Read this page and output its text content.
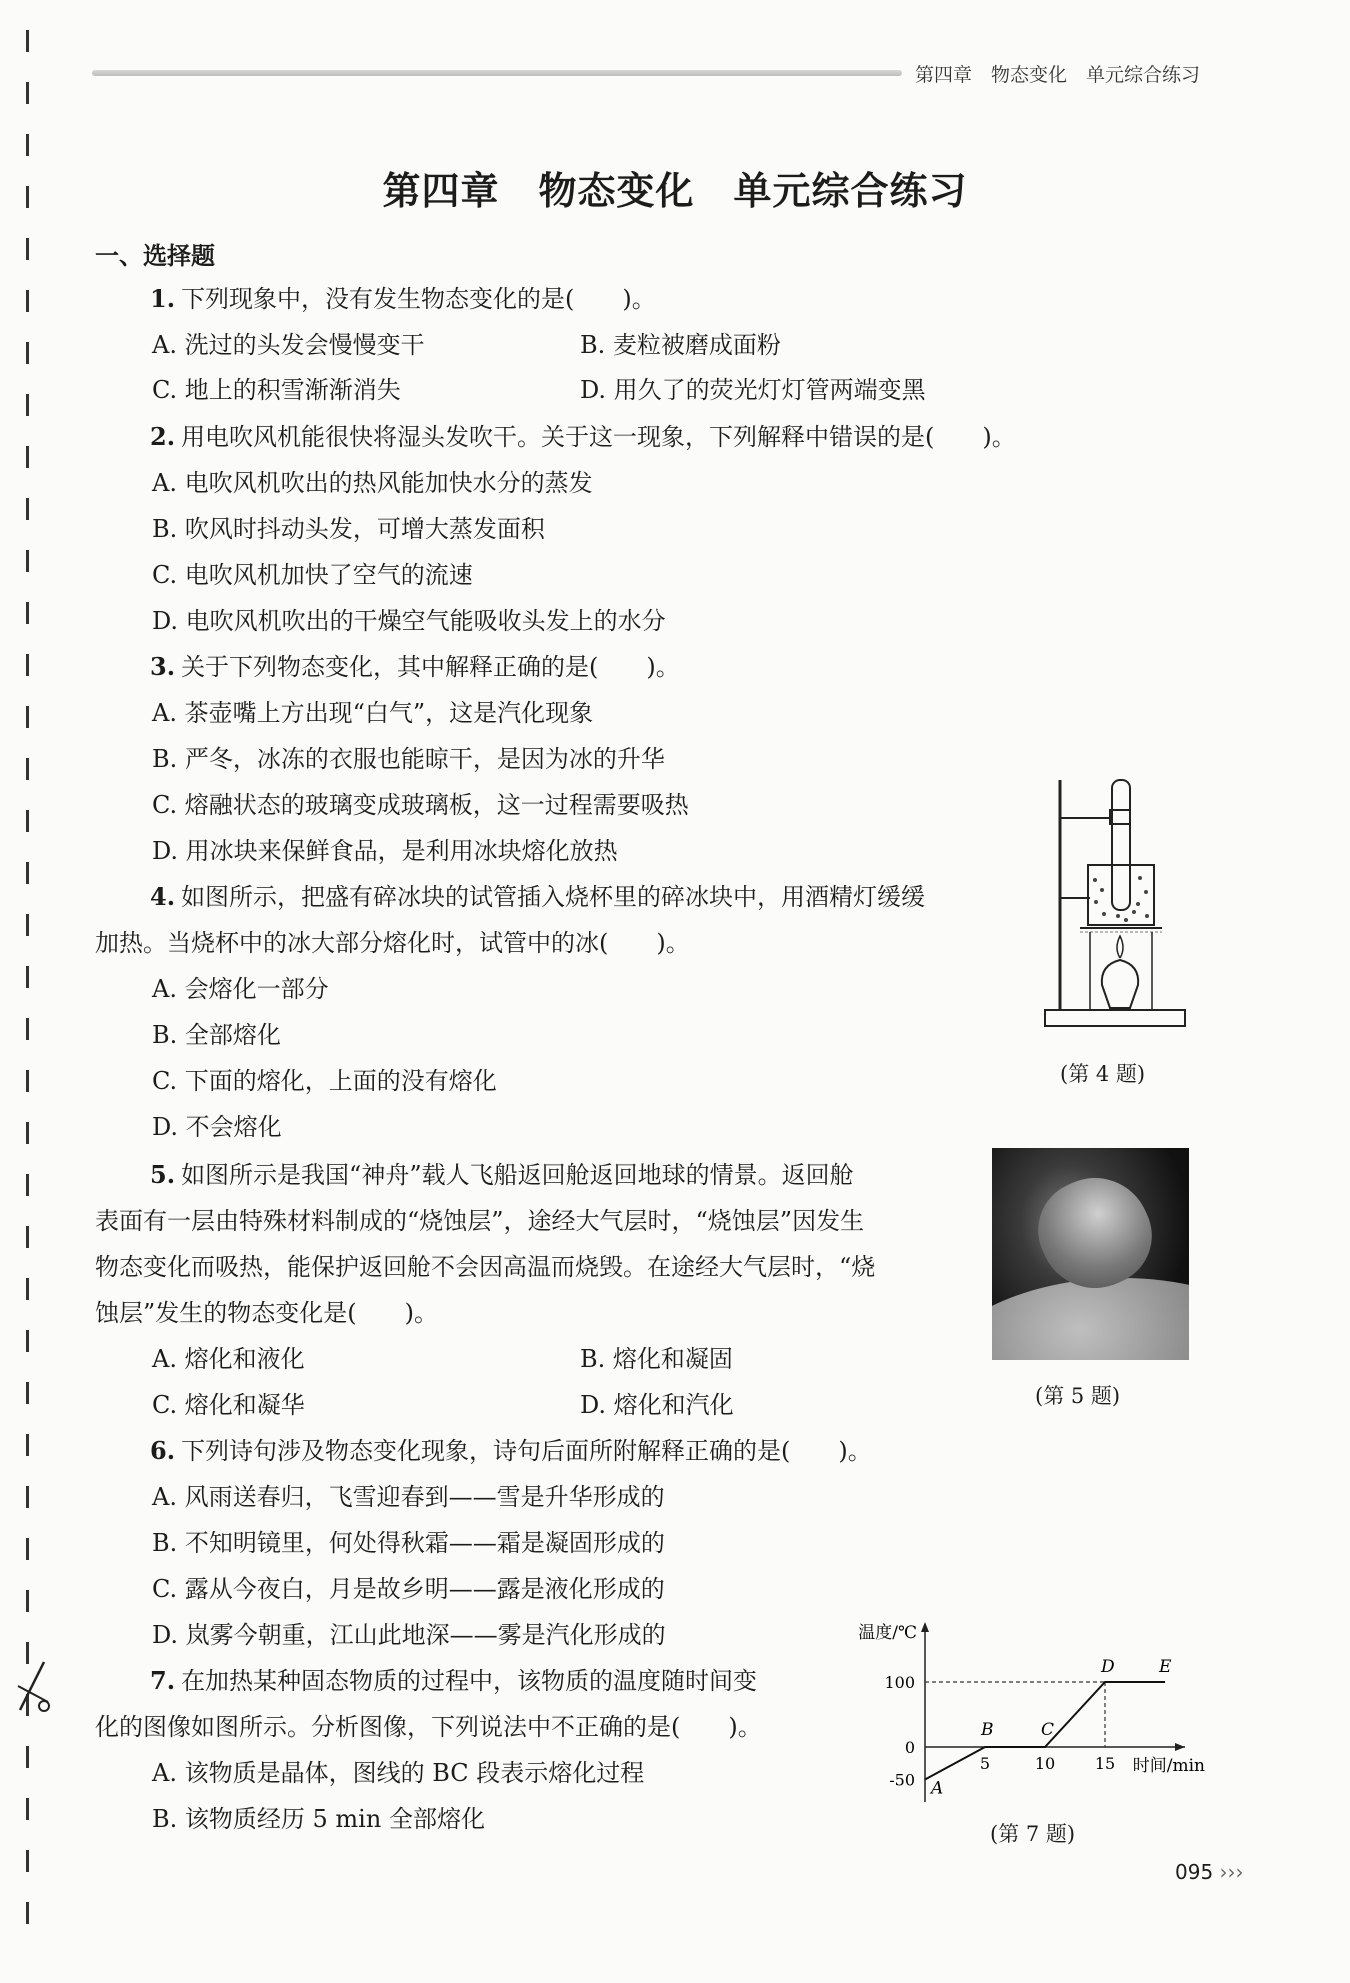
第四章　物态变化　单元综合练习
第四章　物态变化　单元综合练习
一、选择题
1. 下列现象中，没有发生物态变化的是(　　)。
A. 洗过的头发会慢慢变干	B. 麦粒被磨成面粉
C. 地上的积雪渐渐消失	D. 用久了的荧光灯灯管两端变黑
2. 用电吹风机能很快将湿头发吹干。关于这一现象，下列解释中错误的是(　　)。
A. 电吹风机吹出的热风能加快水分的蒸发
B. 吹风时抖动头发，可增大蒸发面积
C. 电吹风机加快了空气的流速
D. 电吹风机吹出的干燥空气能吸收头发上的水分
3. 关于下列物态变化，其中解释正确的是(　　)。
A. 茶壶嘴上方出现“白气”，这是汽化现象
B. 严冬，冰冻的衣服也能晾干，是因为冰的升华
C. 熔融状态的玻璃变成玻璃板，这一过程需要吸热
D. 用冰块来保鲜食品，是利用冰块熔化放热
4. 如图所示，把盛有碎冰块的试管插入烧杯里的碎冰块中，用酒精灯缓缓
加热。当烧杯中的冰大部分熔化时，试管中的冰(　　)。
A. 会熔化一部分
B. 全部熔化
C. 下面的熔化，上面的没有熔化
D. 不会熔化
(第 4 题)
5. 如图所示是我国“神舟”载人飞船返回舱返回地球的情景。返回舱
表面有一层由特殊材料制成的“烧蚀层”，途经大气层时，“烧蚀层”因发生
物态变化而吸热，能保护返回舱不会因高温而烧毁。在途经大气层时，“烧
蚀层”发生的物态变化是(　　)。
A. 熔化和液化	B. 熔化和凝固
C. 熔化和凝华	D. 熔化和汽化	(第 5 题)
6. 下列诗句涉及物态变化现象，诗句后面所附解释正确的是(　　)。
A. 风雨送春归，飞雪迎春到——雪是升华形成的
B. 不知明镜里，何处得秋霜——霜是凝固形成的
C. 露从今夜白，月是故乡明——露是液化形成的
D. 岚雾今朝重，江山此地深——雾是汽化形成的
7. 在加热某种固态物质的过程中，该物质的温度随时间变
化的图像如图所示。分析图像，下列说法中不正确的是(　　)。
A. 该物质是晶体，图线的 BC 段表示熔化过程
B. 该物质经历 5 min 全部熔化
温度/℃
时间/min
100
0
-50
5	10 15
A
B	C
D	E
(第 7 题)
095 ›››
